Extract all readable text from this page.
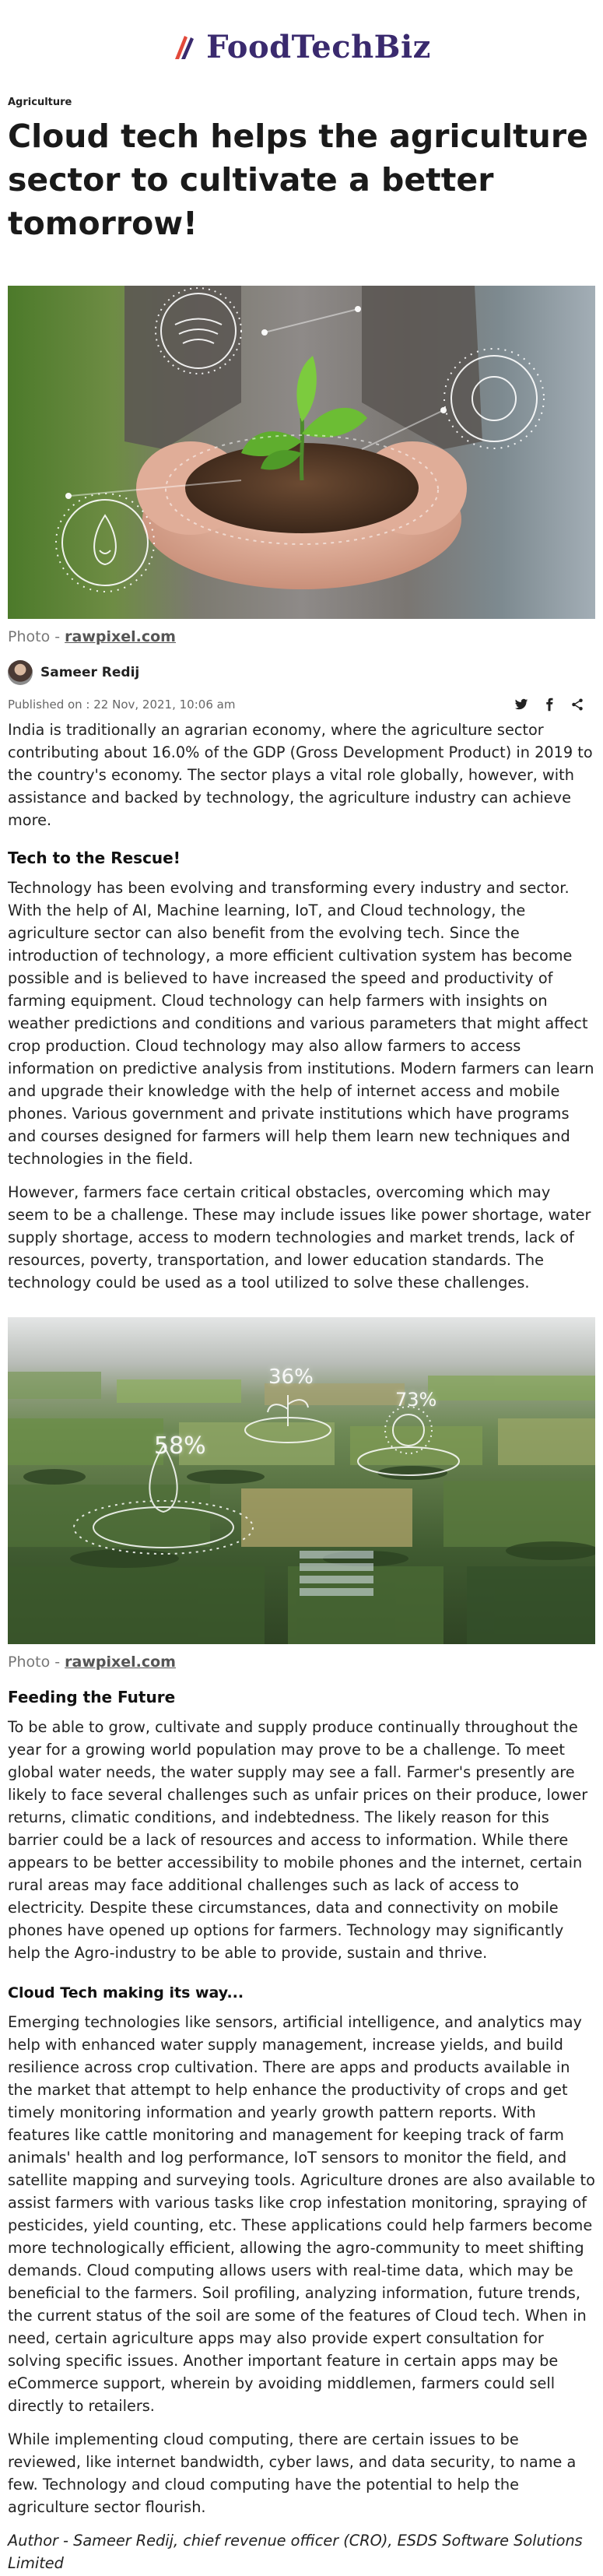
FoodTechBiz
Agriculture
Cloud tech helps the agriculture sector to cultivate a better tomorrow!
Photo - rawpixel.com
Sameer Redij
Published on : 22 Nov, 2021, 10:06 am

India is traditionally an agrarian economy, where the agriculture sector contributing about 16.0% of the GDP (Gross Development Product) in 2019 to the country's economy. The sector plays a vital role globally, however, with assistance and backed by technology, the agriculture industry can achieve more.

Tech to the Rescue!

Technology has been evolving and transforming every industry and sector. With the help of AI, Machine learning, IoT, and Cloud technology, the agriculture sector can also benefit from the evolving tech. Since the introduction of technology, a more efficient cultivation system has become possible and is believed to have increased the speed and productivity of farming equipment. Cloud technology can help farmers with insights on weather predictions and conditions and various parameters that might affect crop production. Cloud technology may also allow farmers to access information on predictive analysis from institutions. Modern farmers can learn and upgrade their knowledge with the help of internet access and mobile phones. Various government and private institutions which have programs and courses designed for farmers will help them learn new techniques and technologies in the field.

However, farmers face certain critical obstacles, overcoming which may seem to be a challenge. These may include issues like power shortage, water supply shortage, access to modern technologies and market trends, lack of resources, poverty, transportation, and lower education standards. The technology could be used as a tool utilized to solve these challenges.

36%
58%
73%
Photo - rawpixel.com
Feeding the Future

To be able to grow, cultivate and supply produce continually throughout the year for a growing world population may prove to be a challenge. To meet global water needs, the water supply may see a fall. Farmer's presently are likely to face several challenges such as unfair prices on their produce, lower returns, climatic conditions, and indebtedness. The likely reason for this barrier could be a lack of resources and access to information. While there appears to be better accessibility to mobile phones and the internet, certain rural areas may face additional challenges such as lack of access to electricity. Despite these circumstances, data and connectivity on mobile phones have opened up options for farmers. Technology may significantly help the Agro-industry to be able to provide, sustain and thrive.

Cloud Tech making its way...

Emerging technologies like sensors, artificial intelligence, and analytics may help with enhanced water supply management, increase yields, and build resilience across crop cultivation. There are apps and products available in the market that attempt to help enhance the productivity of crops and get timely monitoring information and yearly growth pattern reports. With features like cattle monitoring and management for keeping track of farm animals' health and log performance, IoT sensors to monitor the field, and satellite mapping and surveying tools. Agriculture drones are also available to assist farmers with various tasks like crop infestation monitoring, spraying of pesticides, yield counting, etc. These applications could help farmers become more technologically efficient, allowing the agro-community to meet shifting demands. Cloud computing allows users with real-time data, which may be beneficial to the farmers. Soil profiling, analyzing information, future trends, the current status of the soil are some of the features of Cloud tech. When in need, certain agriculture apps may also provide expert consultation for solving specific issues. Another important feature in certain apps may be eCommerce support, wherein by avoiding middlemen, farmers could sell directly to retailers.

While implementing cloud computing, there are certain issues to be reviewed, like internet bandwidth, cyber laws, and data security, to name a few. Technology and cloud computing have the potential to help the agriculture sector flourish.

Author - Sameer Redij, chief revenue officer (CRO), ESDS Software Solutions Limited
